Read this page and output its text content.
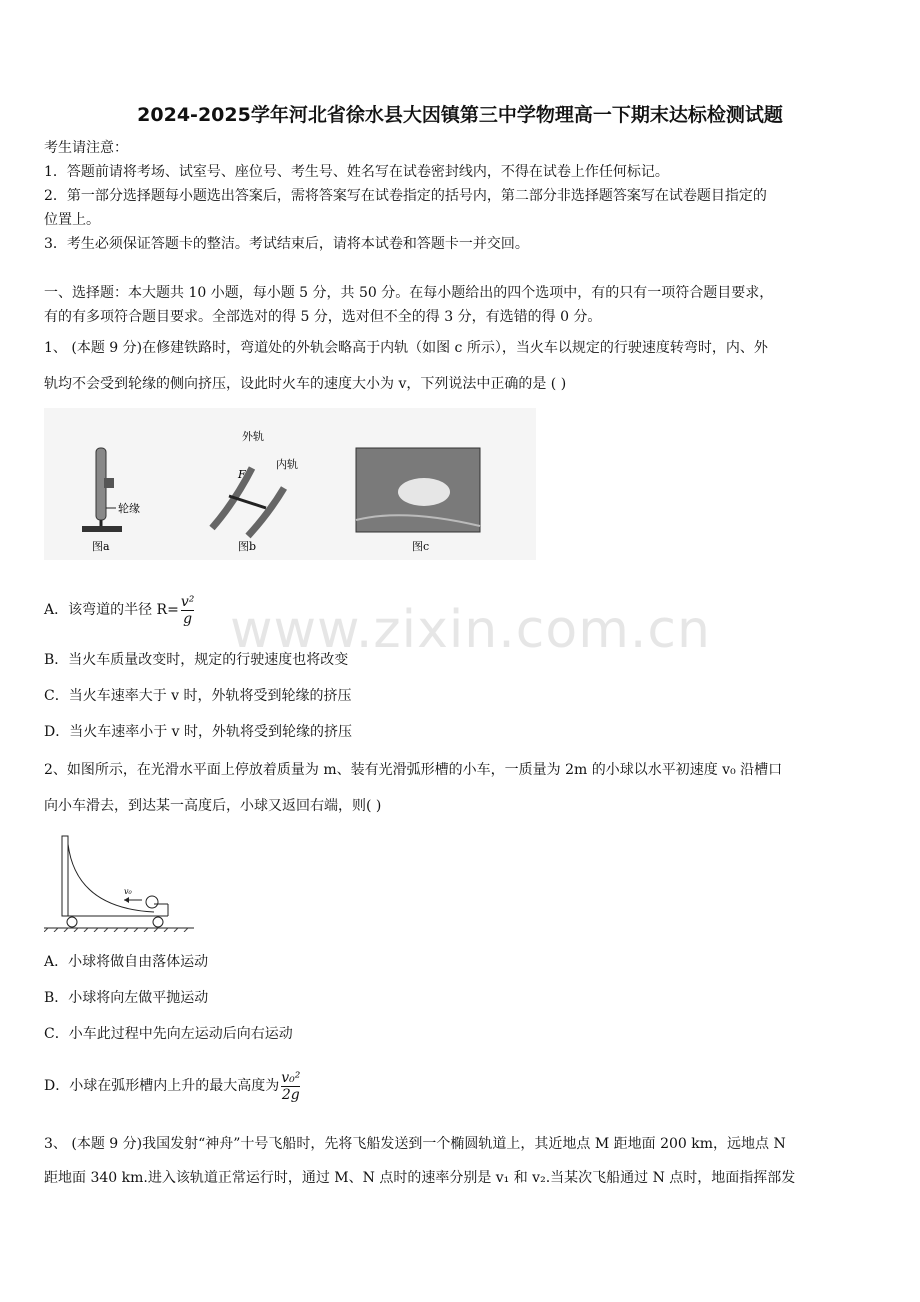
www.zixin.com.cn
2024-2025学年河北省徐水县大因镇第三中学物理高一下期末达标检测试题
考生请注意：
1．答题前请将考场、试室号、座位号、考生号、姓名写在试卷密封线内，不得在试卷上作任何标记。
2．第一部分选择题每小题选出答案后，需将答案写在试卷指定的括号内，第二部分非选择题答案写在试卷题目指定的
位置上。
3．考生必须保证答题卡的整洁。考试结束后，请将本试卷和答题卡一并交回。
一、选择题：本大题共 10 小题，每小题 5 分，共 50 分。在每小题给出的四个选项中，有的只有一项符合题目要求，
有的有多项符合题目要求。全部选对的得 5 分，选对但不全的得 3 分，有选错的得 0 分。
1、 (本题 9 分)在修建铁路时，弯道处的外轨会略高于内轨（如图 c 所示），当火车以规定的行驶速度转弯时，内、外
轨均不会受到轮缘的侧向挤压，设此时火车的速度大小为 v，下列说法中正确的是 ( )
轮缘
图a
外轨
内轨
F
图b	图c
A．该弯道的半径 $R= \frac{\text{v²}}{g}$
B．当火车质量改变时，规定的行驶速度也将改变
C．当火车速率大于 v 时，外轨将受到轮缘的挤压
D．当火车速率小于 v 时，外轨将受到轮缘的挤压
2、如图所示，在光滑水平面上停放着质量为 m、装有光滑弧形槽的小车，一质量为 2m 的小球以水平初速度 v₀ 沿槽口
向小车滑去，到达某一高度后，小球又返回右端，则( )
v₀
A．小球将做自由落体运动
B．小球将向左做平抛运动
C．小车此过程中先向左运动后向右运动
D．小球在弧形槽内上升的最大高度为 $\frac{\text{v₀²}}{2g}$
3、 (本题 9 分)我国发射“神舟”十号飞船时，先将飞船发送到一个椭圆轨道上，其近地点 M 距地面 200 km，远地点 N
距地面 340 km.进入该轨道正常运行时，通过 M、N 点时的速率分别是 v₁ 和 v₂.当某次飞船通过 N 点时，地面指挥部发
